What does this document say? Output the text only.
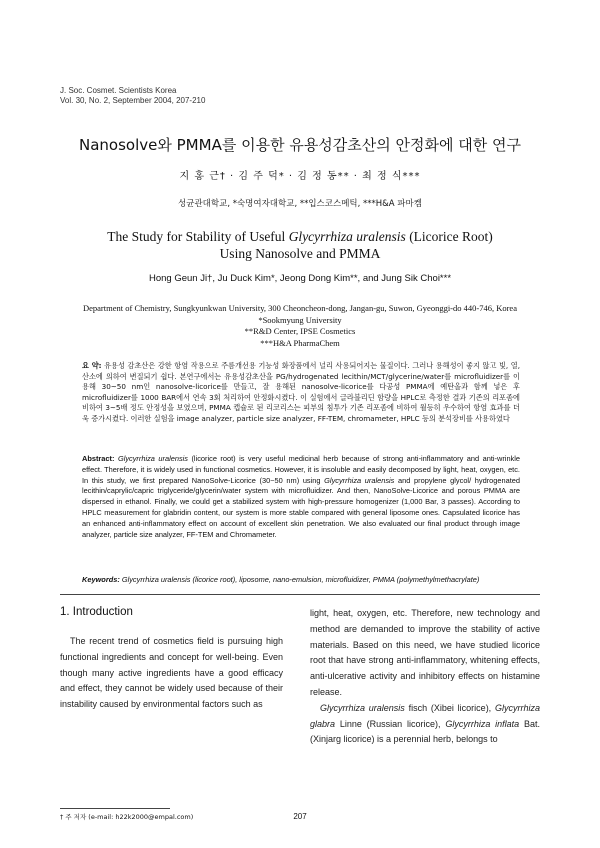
J. Soc. Cosmet. Scientists Korea
Vol. 30, No. 2, September 2004, 207-210
Nanosolve와 PMMA를 이용한 유용성감초산의 안정화에 대한 연구
지 홍 근† · 김 주 덕* · 김 정 동** · 최 정 식***
성균관대학교, *숙명여자대학교, **입스코스메틱, ***H&A 파마켐
The Study for Stability of Useful Glycyrrhiza uralensis (Licorice Root)
Using Nanosolve and PMMA
Hong Geun Ji†, Ju Duck Kim*, Jeong Dong Kim**, and Jung Sik Choi***
Department of Chemistry, Sungkyunkwan University, 300 Cheoncheon-dong, Jangan-gu, Suwon, Gyeonggi-do 440-746, Korea
*Sookmyung University
**R&D Center, IPSE Cosmetics
***H&A PharmaChem
요 약: 유용성 감초산은 강한 항염 작용으로 주름개선용 기능성 화장품에서 널리 사용되어지는 물질이다. 그러나 용해성이 좋지 않고 빛, 열, 산소에 의하여 변질되기 쉽다. 본연구에서는 유용성감초산을 PG/hydrogenated lecithin/MCT/glycerine/water를 microfluidizer를 이용해 30~50 nm인 nanosolve-licorice를 만들고, 잘 용해된 nanosolve-licorice를 다공성 PMMA에 예탄올과 함께 넣은 후 microfluidizer를 1000 BAR에서 연속 3회 처리하여 안정화시켰다. 이 실험에서 글라블리딘 함량을 HPLC로 측정한 결과 기존의 리포좀에 비하여 3~5배 정도 안정성을 보였으며, PMMA 캡슐로 된 리코리스는 피부의 침투가 기존 리포좀에 비하여 월등히 우수하여 항염 효과를 더욱 증가시켰다. 이러한 실험을 image analyzer, particle size analyzer, FF-TEM, chromameter, HPLC 등의 분석장비를 사용하였다
Abstract: Glycyrrhiza uralensis (licorice root) is very useful medicinal herb because of strong anti-inflammatory and anti-wrinkle effect. Therefore, it is widely used in functional cosmetics. However, it is insoluble and easily decomposed by light, heat, oxygen, etc. In this study, we first prepared NanoSolve-Licorice (30~50 nm) using Glycyrrhiza uralensis and propylene glycol/ hydrogenated lecithin/caprylic/capric triglyceride/glycerin/water system with microfluidizer. And then, NanoSolve-Licorice and porous PMMA are dispersed in ethanol. Finally, we could get a stabilized system with high-pressure homogenizer (1,000 Bar, 3 passes). According to HPLC measurement for glabridin content, our system is more stable compared with general liposome ones. Capsulated licorice has an enhanced anti-inflammatory effect on account of excellent skin penetration. We also evaluated our final product through image analyzer, particle size analyzer, FF-TEM and Chromameter.
Keywords: Glycyrrhiza uralensis (licorice root), liposome, nano-emulsion, microfluidizer, PMMA (polymethylmethacrylate)
1. Introduction

The recent trend of cosmetics field is pursuing high functional ingredients and concept for well-being. Even though many active ingredients have a good efficacy and effect, they cannot be widely used because of their instability caused by environmental factors such as

light, heat, oxygen, etc. Therefore, new technology and method are demanded to improve the stability of active materials. Based on this need, we have studied licorice root that have strong anti-inflammatory, whitening effects, anti-ulcerative activity and inhibitory effects on histamine release.

Glycyrrhiza uralensis fisch (Xibei licorice), Glycyrrhiza glabra Linne (Russian licorice), Glycyrrhiza inflata Bat. (Xinjarg licorice) is a perennial herb, belongs to

† 주 저자 (e-mail: h22k2000@empal.com)	207
